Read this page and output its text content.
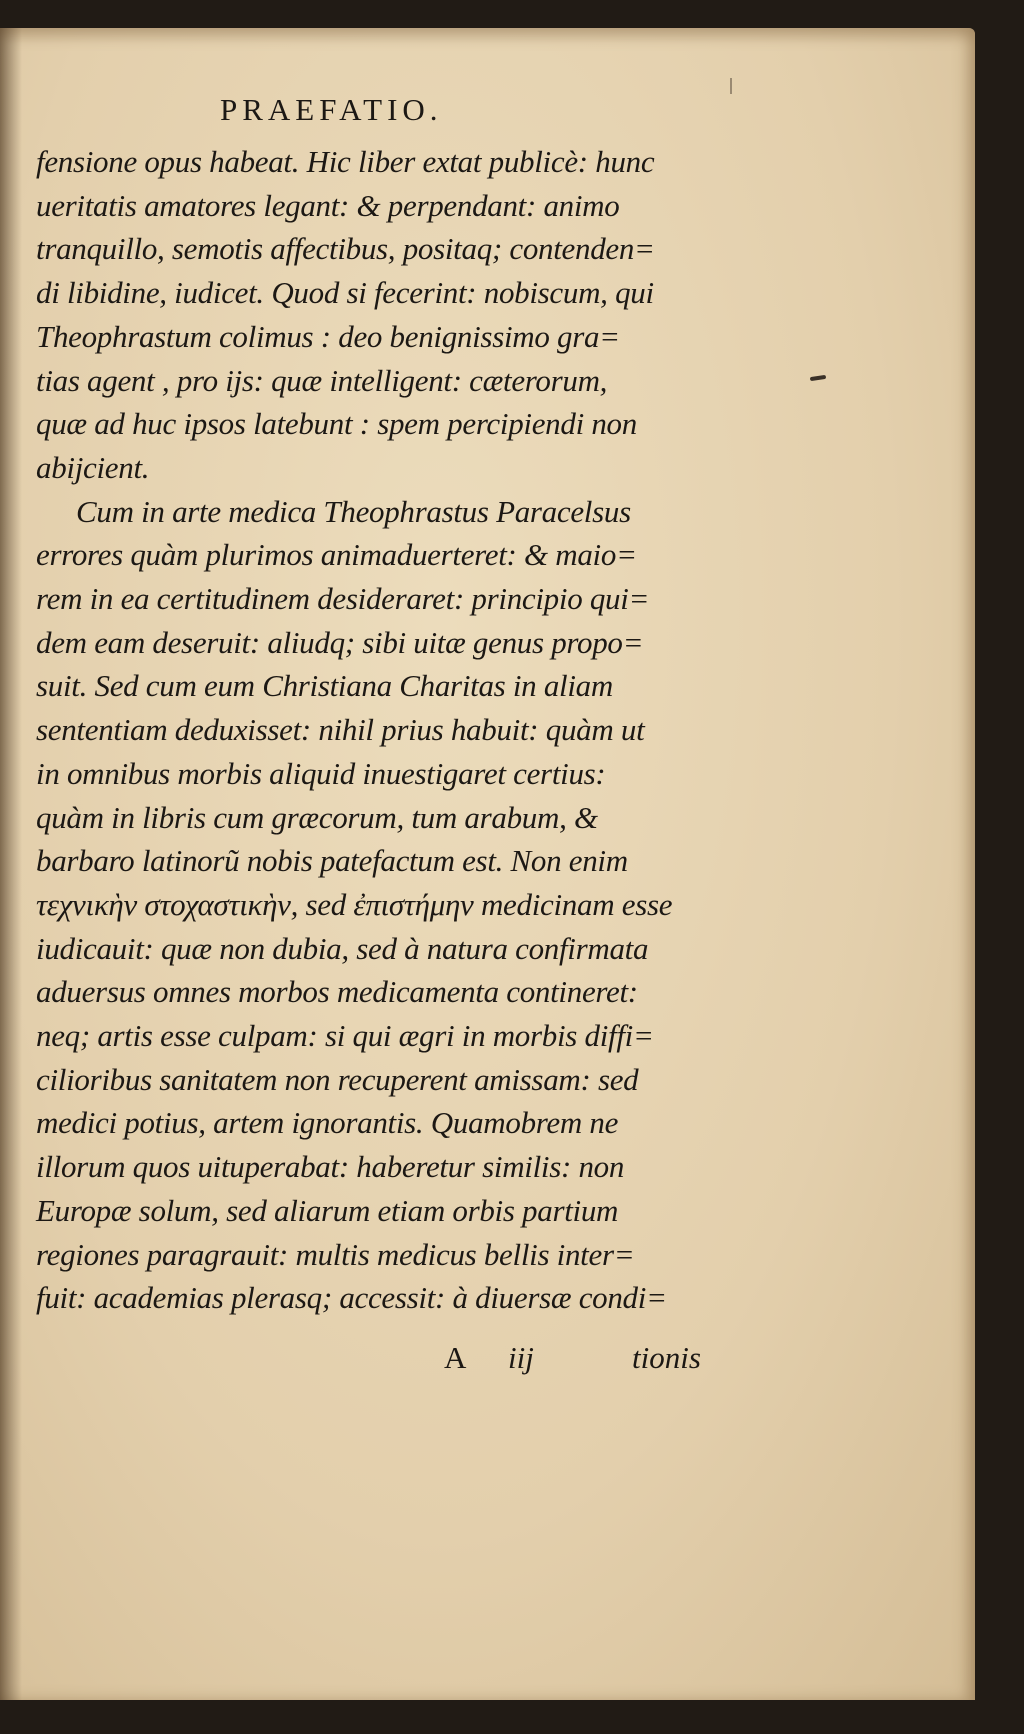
PRAEFATIO.
fensione opus habeat. Hic liber extat publicè: hunc
ueritatis amatores legant: & perpendant: animo
tranquillo, semotis affectibus, positaq; contenden=
di libidine, iudicet. Quod si fecerint: nobiscum, qui
Theophrastum colimus : deo benignissimo gra=
tias agent , pro ijs: quæ intelligent: cæterorum,
quæ ad huc ipsos latebunt : spem percipiendi non
abijcient.
Cum in arte medica Theophrastus Paracelsus
errores quàm plurimos animaduerteret: & maio=
rem in ea certitudinem desideraret: principio qui=
dem eam deseruit: aliudq; sibi uitæ genus propo=
suit. Sed cum eum Christiana Charitas in aliam
sententiam deduxisset: nihil prius habuit: quàm ut
in omnibus morbis aliquid inuestigaret certius:
quàm in libris cum græcorum, tum arabum, &
barbaro latinorũ nobis patefactum est. Non enim
τεχνικὴν στοχαστικὴν, sed ἐπιστήμην medicinam esse
iudicauit: quæ non dubia, sed à natura confirmata
aduersus omnes morbos medicamenta contineret:
neq; artis esse culpam: si qui ægri in morbis diffi=
cilioribus sanitatem non recuperent amissam: sed
medici potius, artem ignorantis. Quamobrem ne
illorum quos uituperabat: haberetur similis: non
Europæ solum, sed aliarum etiam orbis partium
regiones paragrauit: multis medicus bellis inter=
fuit: academias plerasq; accessit: à diuersæ condi=
A iij	tionis
